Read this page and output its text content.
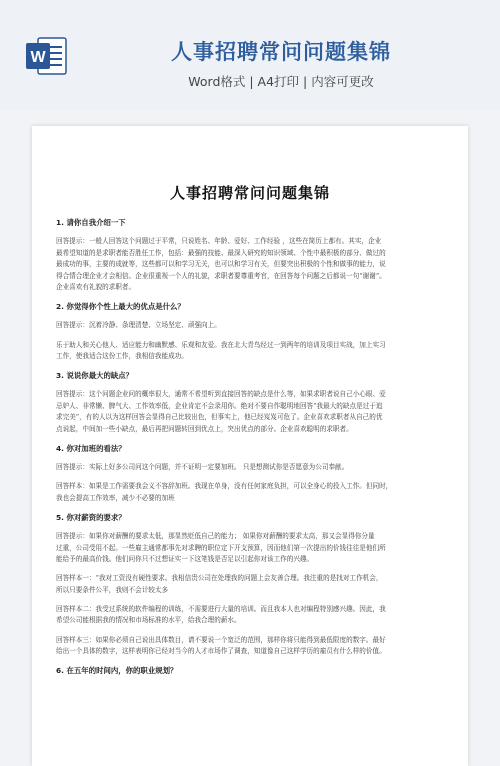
W	人事招聘常问问题集锦
Word格式 | A4打印 | 内容可更改
人事招聘常问问题集锦
1. 请你自我介绍一下
回答提示：一般人回答这个问题过于平常，只说姓名、年龄、爱好、工作经验 ，这些在简历上都有。其实，企业
最希望知道的是求职者能否胜任工作，包括：最强的技能、最深入研究的知识领域、个性中最积极的部分、做过的
最成功的事，主要的成就等，这些都可以和学习无关，也可以和学习有关，但要突出积极的个性和做事的能力，说
得合情合理企业才会相信。企业很重视一个人的礼貌，求职者要尊重考官，在回答每个问题之后都说一句“谢谢”。
企业喜欢有礼貌的求职者。
2. 你觉得你个性上最大的优点是什么？
回答提示：沉着冷静、条理清楚、立场坚定、顽强向上。
乐于助人和关心他人、适应能力和幽默感、乐观和友爱。我在北大青鸟经过一到两年的培训及项目实战，加上实习
工作，使我适合这份工作，我相信我能成功。
3. 说说你最大的缺点？
回答提示：这个问题企业问的概率很大，通常不希望听到直接回答的缺点是什么等，如果求职者说自己小心眼、爱
忌妒人、非常懒、脾气大、工作效率低，企业肯定不会录用你。绝对不要自作聪明地回答“我最大的缺点是过于追
求完美”，有的人以为这样回答会显得自己比较出色，但事实上，他已经岌岌可危了。企业喜欢求职者从自己的优
点说起，中间加一些小缺点，最后再把问题转回到优点上，突出优点的部分。企业喜欢聪明的求职者。
4. 你对加班的看法？
回答提示：实际上好多公司问这个问题，并不证明一定要加班。 只是想测试你是否愿意为公司奉献。
回答样本：如果是工作需要我会义不容辞加班。我现在单身，没有任何家庭负担，可以全身心的投入工作。但同时，
我也会提高工作效率，减少不必要的加班
5. 你对薪资的要求？
回答提示：如果你对薪酬的要求太低，那显然贬低自己的能力； 如果你对薪酬的要求太高，那又会显得你分量
过重，公司受用不起。一些雇主通常都事先对求聘的职位定下开支预算，因而他们第一次提出的价钱往往是他们所
能给予的最高价钱。他们问你只不过想证实一下这笔钱是否足以引起你对该工作的兴趣。
回答样本一：“我对工资没有硬性要求。我相信贵公司在处理我的问题上会友善合理。我注重的是找对工作机会，
所以只要条件公平，我则不会计较太多
回答样本二：我受过系统的软件编程的训练，不需要进行大量的培训。而且我本人也对编程特别感兴趣。因此，我
希望公司能根据我的情况和市场标准的水平，给我合理的薪水。
回答样本三：如果你必须自己说出具体数目，请不要说一个宽泛的范围，那样你将只能得到最低限度的数字。最好
给出一个具体的数字，这样表明你已经对当今的人才市场作了调查，知道像自己这样学历的雇员有什么样的价值。
6. 在五年的时间内，你的职业规划？
